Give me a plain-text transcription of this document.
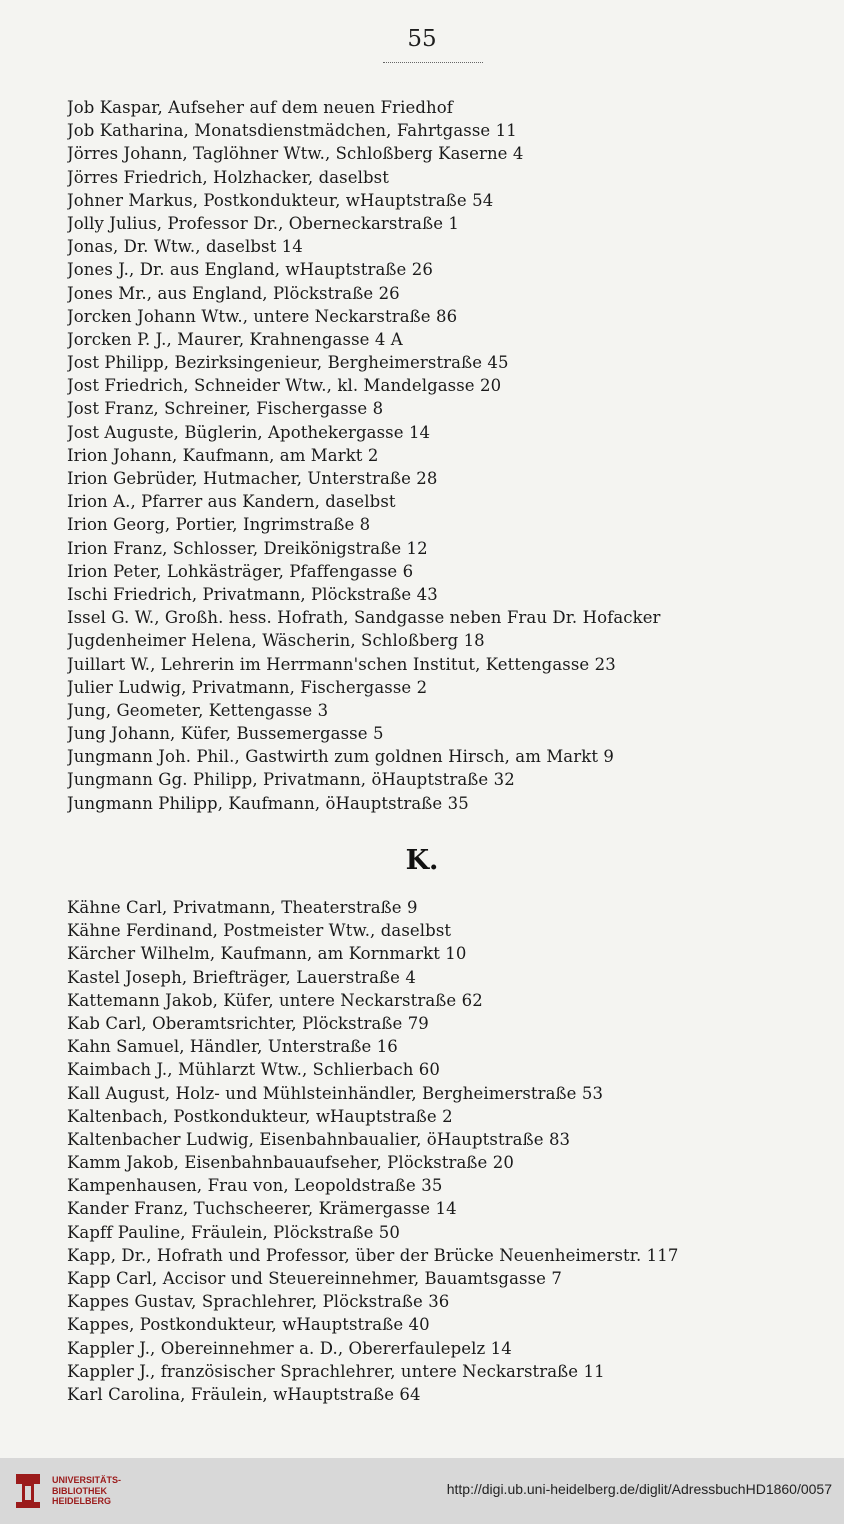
55
Job Kaspar, Aufseher auf dem neuen Friedhof
Job Katharina, Monatsdienstmädchen, Fahrtgasse 11
Jörres Johann, Taglöhner Wtw., Schloßberg Kaserne 4
Jörres Friedrich, Holzhacker, daselbst
Johner Markus, Postkondukteur, wHauptstraße 54
Jolly Julius, Professor Dr., Oberneckarstraße 1
Jonas, Dr. Wtw., daselbst 14
Jones J., Dr. aus England, wHauptstraße 26
Jones Mr., aus England, Plöckstraße 26
Jorcken Johann Wtw., untere Neckarstraße 86
Jorcken P. J., Maurer, Krahnengasse 4 A
Jost Philipp, Bezirksingenieur, Bergheimerstraße 45
Jost Friedrich, Schneider Wtw., kl. Mandelgasse 20
Jost Franz, Schreiner, Fischergasse 8
Jost Auguste, Büglerin, Apothekergasse 14
Irion Johann, Kaufmann, am Markt 2
Irion Gebrüder, Hutmacher, Unterstraße 28
Irion A., Pfarrer aus Kandern, daselbst
Irion Georg, Portier, Ingrimstraße 8
Irion Franz, Schlosser, Dreikönigstraße 12
Irion Peter, Lohkästräger, Pfaffengasse 6
Ischi Friedrich, Privatmann, Plöckstraße 43
Issel G. W., Großh. hess. Hofrath, Sandgasse neben Frau Dr. Hofacker
Jugdenheimer Helena, Wäscherin, Schloßberg 18
Juillart W., Lehrerin im Herrmann'schen Institut, Kettengasse 23
Julier Ludwig, Privatmann, Fischergasse 2
Jung, Geometer, Kettengasse 3
Jung Johann, Küfer, Bussemergasse 5
Jungmann Joh. Phil., Gastwirth zum goldnen Hirsch, am Markt 9
Jungmann Gg. Philipp, Privatmann, öHauptstraße 32
Jungmann Philipp, Kaufmann, öHauptstraße 35
K.
Kähne Carl, Privatmann, Theaterstraße 9
Kähne Ferdinand, Postmeister Wtw., daselbst
Kärcher Wilhelm, Kaufmann, am Kornmarkt 10
Kastel Joseph, Briefträger, Lauerstraße 4
Kattemann Jakob, Küfer, untere Neckarstraße 62
Kab Carl, Oberamtsrichter, Plöckstraße 79
Kahn Samuel, Händler, Unterstraße 16
Kaimbach J., Mühlarzt Wtw., Schlierbach 60
Kall August, Holz- und Mühlsteinhändler, Bergheimerstraße 53
Kaltenbach, Postkondukteur, wHauptstraße 2
Kaltenbacher Ludwig, Eisenbahnbaualier, öHauptstraße 83
Kamm Jakob, Eisenbahnbauaufseher, Plöckstraße 20
Kampenhausen, Frau von, Leopoldstraße 35
Kander Franz, Tuchscheerer, Krämergasse 14
Kapff Pauline, Fräulein, Plöckstraße 50
Kapp, Dr., Hofrath und Professor, über der Brücke Neuenheimerstr. 117
Kapp Carl, Accisor und Steuereinnehmer, Bauamtsgasse 7
Kappes Gustav, Sprachlehrer, Plöckstraße 36
Kappes, Postkondukteur, wHauptstraße 40
Kappler J., Obereinnehmer a. D., Obererfaulepelz 14
Kappler J., französischer Sprachlehrer, untere Neckarstraße 11
Karl Carolina, Fräulein, wHauptstraße 64
UNIVERSITÄTS-
BIBLIOTHEK
HEIDELBERG
http://digi.ub.uni-heidelberg.de/diglit/AdressbuchHD1860/0057
